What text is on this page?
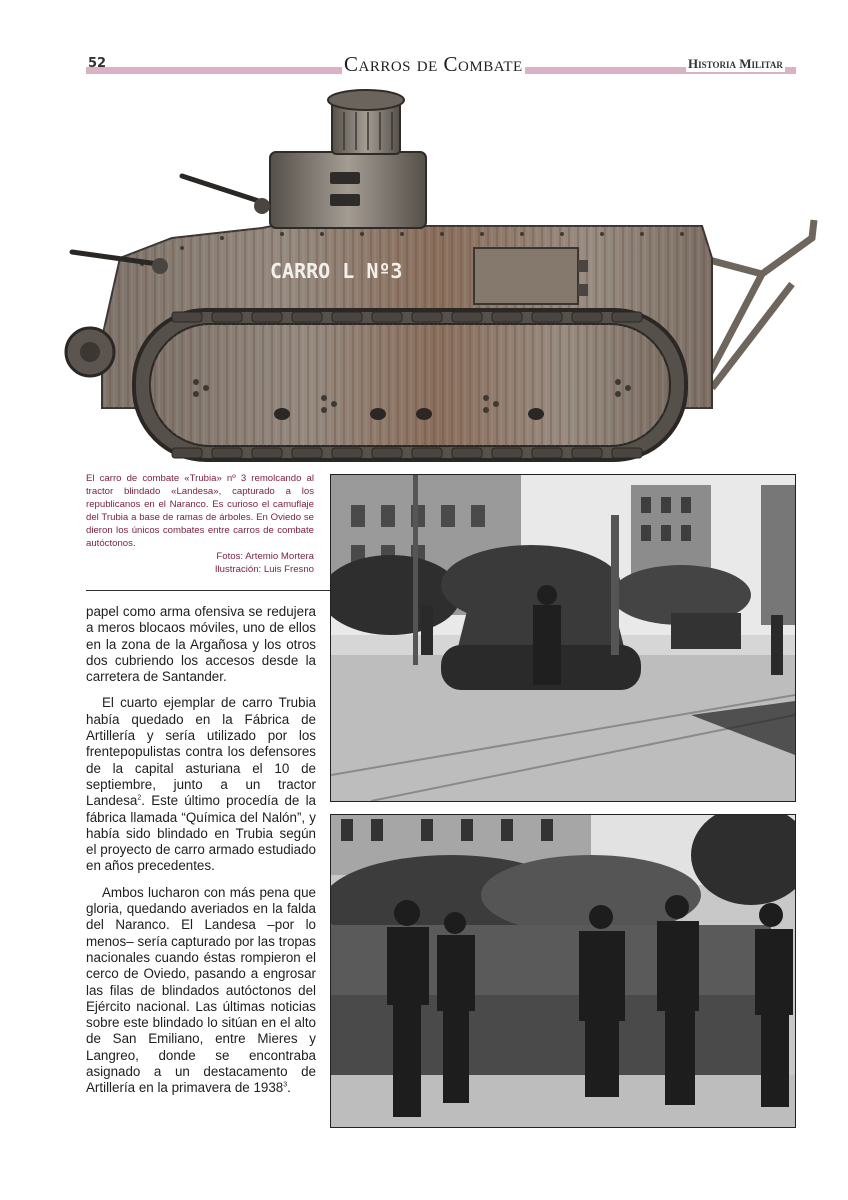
52	Carros de Combate	Historia Militar
CARRO L Nº3
El carro de combate «Trubia» nº 3 remolcando al tractor blindado «Landesa», capturado a los republicanos en el Naranco. Es curioso el camuflaje del Trubia a base de ramas de árboles. En Oviedo se dieron los únicos combates entre carros de combate autóctonos.
Fotos: Artemio Mortera
Ilustración: Luis Fresno

papel como arma ofensiva se redujera a meros blocaos móviles, uno de ellos en la zona de la Argañosa y los otros dos cubriendo los accesos desde la carretera de Santander.

El cuarto ejemplar de carro Trubia había quedado en la Fábrica de Artillería y sería utilizado por los frentepopulistas contra los defensores de la capital asturiana el 10 de septiembre, junto a un tractor Landesa$^2$. Este último procedía de la fábrica llamada “Química del Nalón”, y había sido blindado en Trubia según el proyecto de carro armado estudiado en años precedentes.

Ambos lucharon con más pena que gloria, quedando averiados en la falda del Naranco. El Landesa –por lo menos– sería capturado por las tropas nacionales cuando éstas rompieron el cerco de Oviedo, pasando a engrosar las filas de blindados autóctonos del Ejército nacional. Las últimas noticias sobre este blindado lo sitúan en el alto de San Emiliano, entre Mieres y Langreo, donde se encontraba asignado a un destacamento de Artillería en la primavera de 1938$^3$.
